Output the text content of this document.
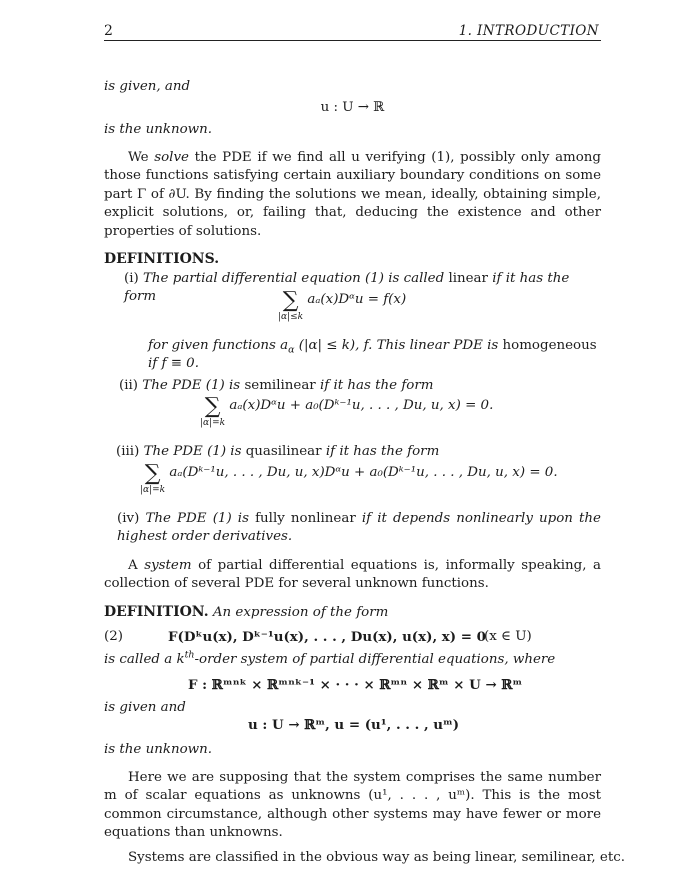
2	1. INTRODUCTION
is given, and
u : U → ℝ
is the unknown.
We solve the PDE if we find all u verifying (1), possibly only among those functions satisfying certain auxiliary boundary conditions on some part Γ of ∂U. By finding the solutions we mean, ideally, obtaining simple, explicit solutions, or, failing that, deducing the existence and other properties of solutions.
DEFINITIONS.
(i) The partial differential equation (1) is called linear if it has the form	∑
|α|≤k
aₐ(x)Dᵅu = f(x)
for given functions $a_\alpha$ (|α| ≤ k), f. This linear PDE is homogeneous
if f ≡ 0.
(ii) The PDE (1) is semilinear if it has the form
∑
|α|=k
aₐ(x)Dᵅu + a₀(Dᵏ⁻¹u, . . . , Du, u, x) = 0.
(iii) The PDE (1) is quasilinear if it has the form
∑
|α|=k
aₐ(Dᵏ⁻¹u, . . . , Du, u, x)Dᵅu + a₀(Dᵏ⁻¹u, . . . , Du, u, x) = 0.
(iv) The PDE (1) is fully nonlinear if it depends nonlinearly upon the highest order derivatives.
A system of partial differential equations is, informally speaking, a collection of several PDE for several unknown functions.
DEFINITION. An expression of the form
(2)	F(Dᵏu(x), Dᵏ⁻¹u(x), . . . , Du(x), u(x), x) = 0
(x ∈ U)
is called a $k^{th}$-order system of partial differential equations, where
F : ℝᵐⁿᵏ × ℝᵐⁿᵏ⁻¹ × · · · × ℝᵐⁿ × ℝᵐ × U → ℝᵐ
is given and
u : U → ℝᵐ, u = (u¹, . . . , uᵐ)
is the unknown.
Here we are supposing that the system comprises the same number m of scalar equations as unknowns (u¹, . . . , uᵐ). This is the most common circumstance, although other systems may have fewer or more equations than unknowns.
Systems are classified in the obvious way as being linear, semilinear, etc.
